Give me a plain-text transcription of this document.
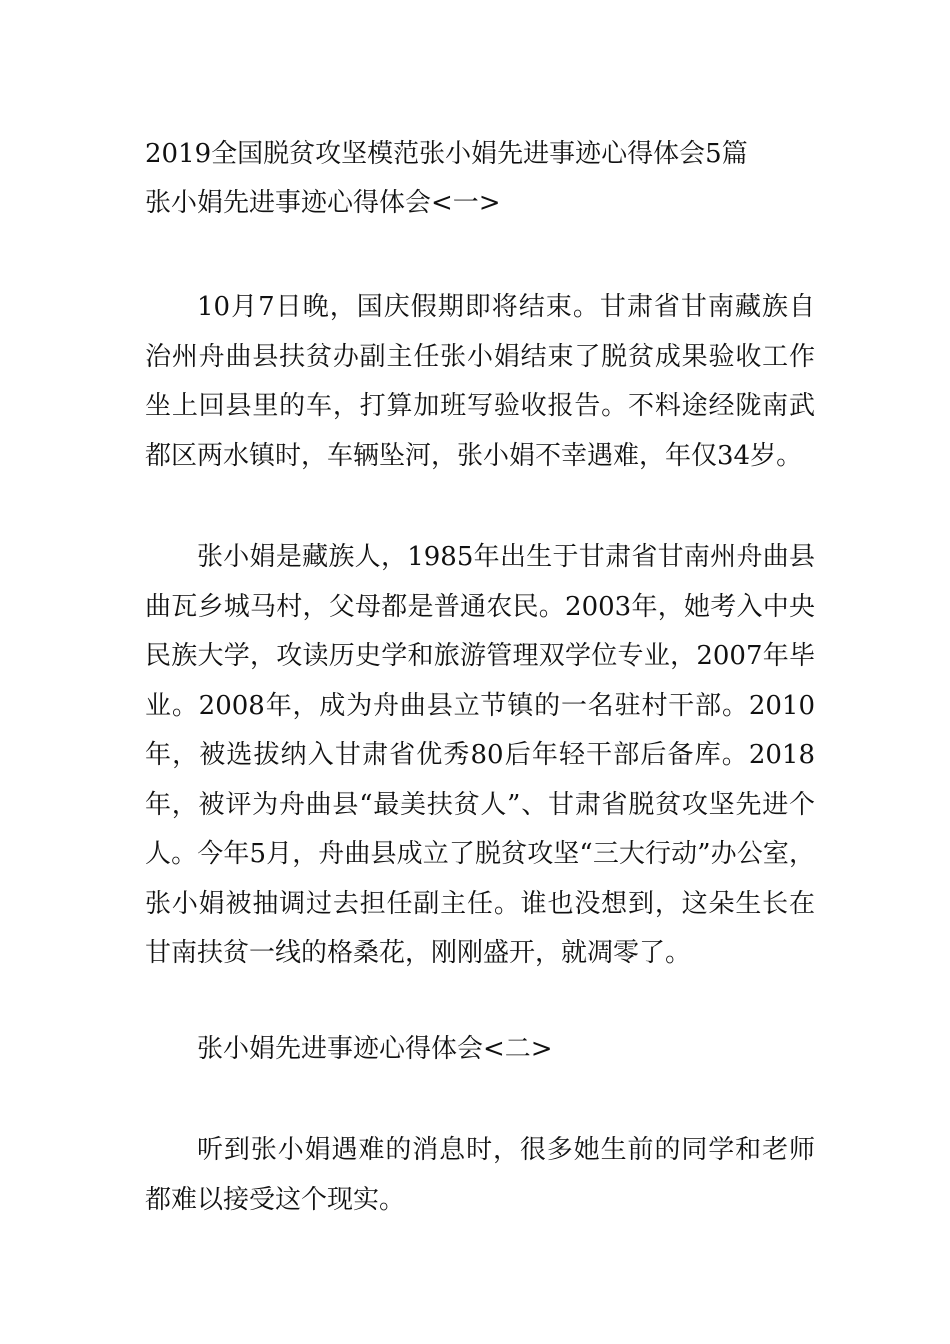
2019全国脱贫攻坚模范张小娟先进事迹心得体会5篇
张小娟先进事迹心得体会<一>

10月7日晚，国庆假期即将结束。甘肃省甘南藏族自治州舟曲县扶贫办副主任张小娟结束了脱贫成果验收工作坐上回县里的车，打算加班写验收报告。不料途经陇南武都区两水镇时，车辆坠河，张小娟不幸遇难，年仅34岁。

张小娟是藏族人，1985年出生于甘肃省甘南州舟曲县曲瓦乡城马村，父母都是普通农民。2003年，她考入中央民族大学，攻读历史学和旅游管理双学位专业，2007年毕业。2008年，成为舟曲县立节镇的一名驻村干部。2010年，被选拔纳入甘肃省优秀80后年轻干部后备库。2018年，被评为舟曲县“最美扶贫人”、甘肃省脱贫攻坚先进个人。今年5月，舟曲县成立了脱贫攻坚“三大行动”办公室，张小娟被抽调过去担任副主任。谁也没想到，这朵生长在甘南扶贫一线的格桑花，刚刚盛开，就凋零了。

张小娟先进事迹心得体会<二>

听到张小娟遇难的消息时，很多她生前的同学和老师都难以接受这个现实。
